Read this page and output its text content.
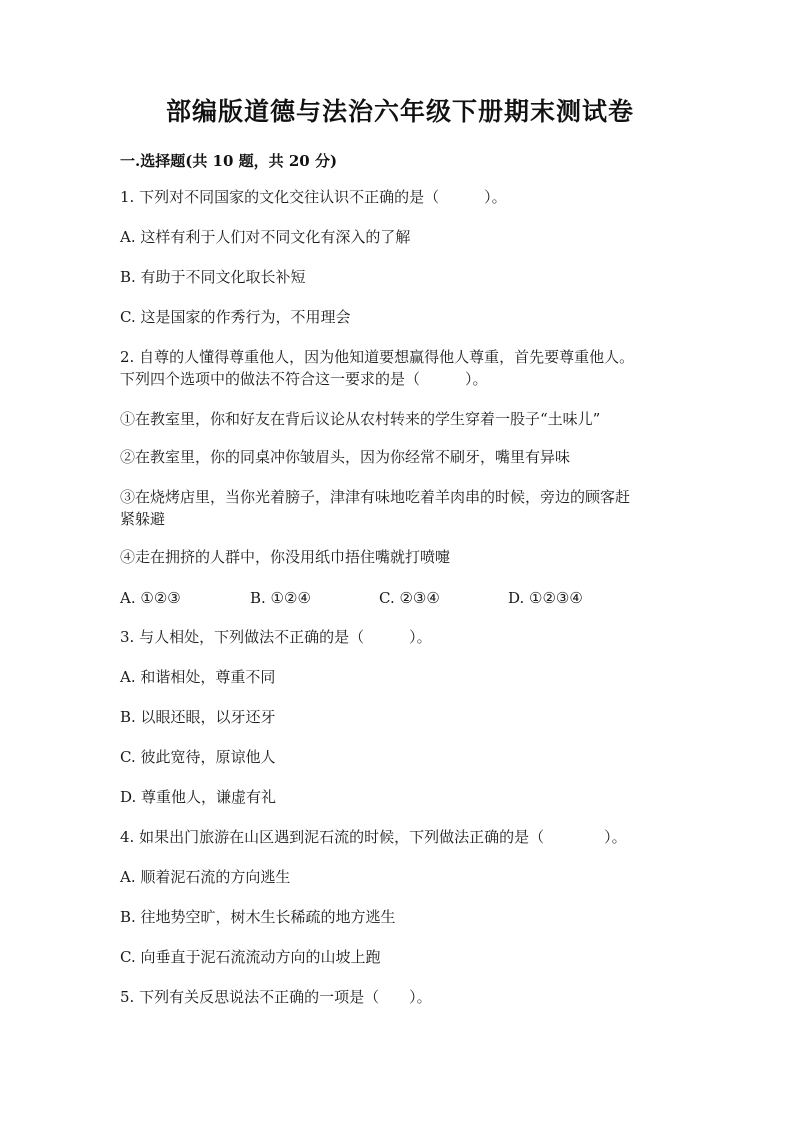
部编版道德与法治六年级下册期末测试卷
一.选择题(共 10 题，共 20 分)
1. 下列对不同国家的文化交往认识不正确的是（　　　）。
A. 这样有利于人们对不同文化有深入的了解
B. 有助于不同文化取长补短
C. 这是国家的作秀行为，不用理会
2. 自尊的人懂得尊重他人，因为他知道要想赢得他人尊重，首先要尊重他人。
下列四个选项中的做法不符合这一要求的是（　　　）。
①在教室里，你和好友在背后议论从农村转来的学生穿着一股子“土味儿”
②在教室里，你的同桌冲你皱眉头，因为你经常不刷牙，嘴里有异味
③在烧烤店里，当你光着膀子，津津有味地吃着羊肉串的时候，旁边的顾客赶
紧躲避
④走在拥挤的人群中，你没用纸巾捂住嘴就打喷嚏
A. ①②③	B. ①②④	C. ②③④	D. ①②③④
3. 与人相处，下列做法不正确的是（　　　）。
A. 和谐相处，尊重不同
B. 以眼还眼，以牙还牙
C. 彼此宽待，原谅他人
D. 尊重他人，谦虚有礼
4. 如果出门旅游在山区遇到泥石流的时候，下列做法正确的是（　　　　）。
A. 顺着泥石流的方向逃生
B. 往地势空旷，树木生长稀疏的地方逃生
C. 向垂直于泥石流流动方向的山坡上跑
5. 下列有关反思说法不正确的一项是（　　）。
